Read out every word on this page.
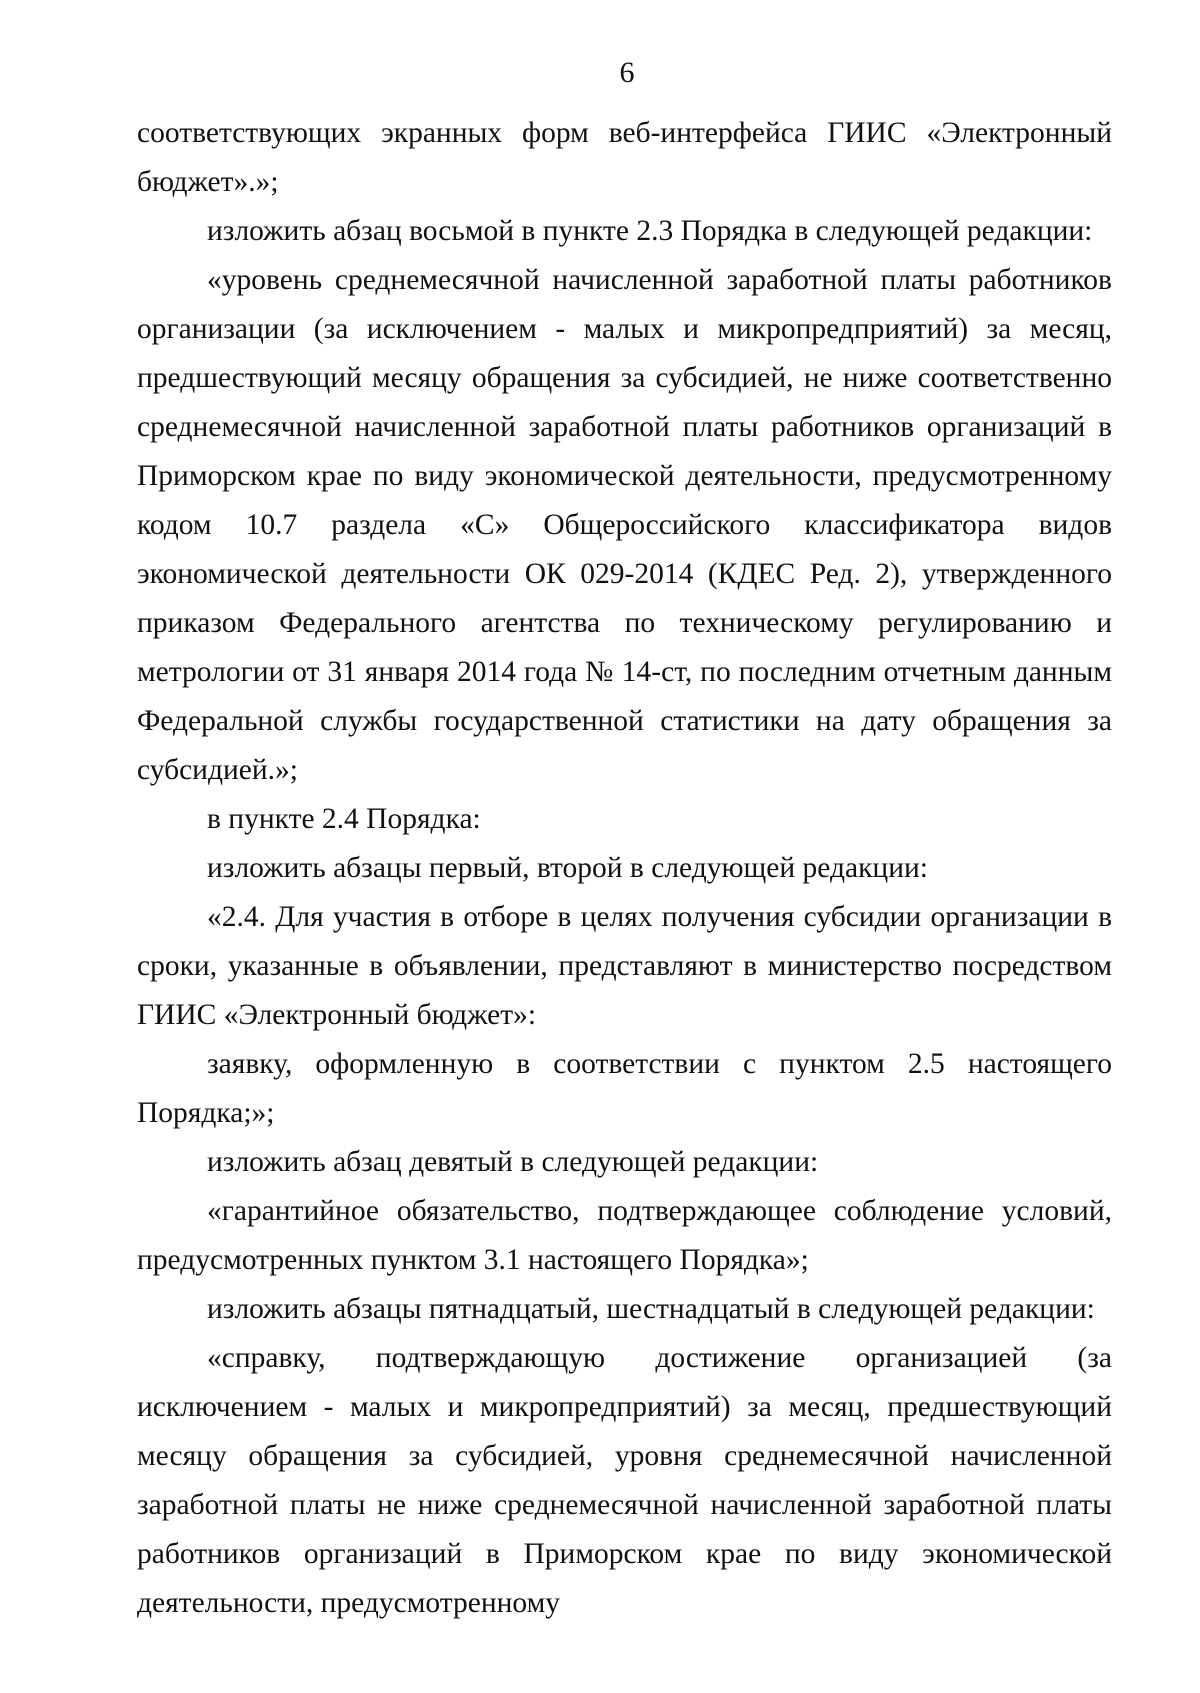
6

соответствующих экранных форм веб-интерфейса ГИИС «Электронный бюджет».»;

изложить абзац восьмой в пункте 2.3 Порядка в следующей редакции:

«уровень среднемесячной начисленной заработной платы работников организации (за исключением - малых и микропредприятий) за месяц, предшествующий месяцу обращения за субсидией, не ниже соответственно среднемесячной начисленной заработной платы работников организаций в Приморском крае по виду экономической деятельности, предусмотренному кодом 10.7 раздела «С» Общероссийского классификатора видов экономической деятельности ОК 029-2014 (КДЕС Ред. 2), утвержденного приказом Федерального агентства по техническому регулированию и метрологии от 31 января 2014 года № 14-ст, по последним отчетным данным Федеральной службы государственной статистики на дату обращения за субсидией.»;

в пункте 2.4 Порядка:

изложить абзацы первый, второй в следующей редакции:

«2.4. Для участия в отборе в целях получения субсидии организации в сроки, указанные в объявлении, представляют в министерство посредством ГИИС «Электронный бюджет»:

заявку, оформленную в соответствии с пунктом 2.5 настоящего Порядка;»;

изложить абзац девятый в следующей редакции:

«гарантийное обязательство, подтверждающее соблюдение условий, предусмотренных пунктом 3.1 настоящего Порядка»;

изложить абзацы пятнадцатый, шестнадцатый в следующей редакции:

«справку, подтверждающую достижение организацией (за исключением - малых и микропредприятий) за месяц, предшествующий месяцу обращения за субсидией, уровня среднемесячной начисленной заработной платы не ниже среднемесячной начисленной заработной платы работников организаций в Приморском крае по виду экономической деятельности, предусмотренному
